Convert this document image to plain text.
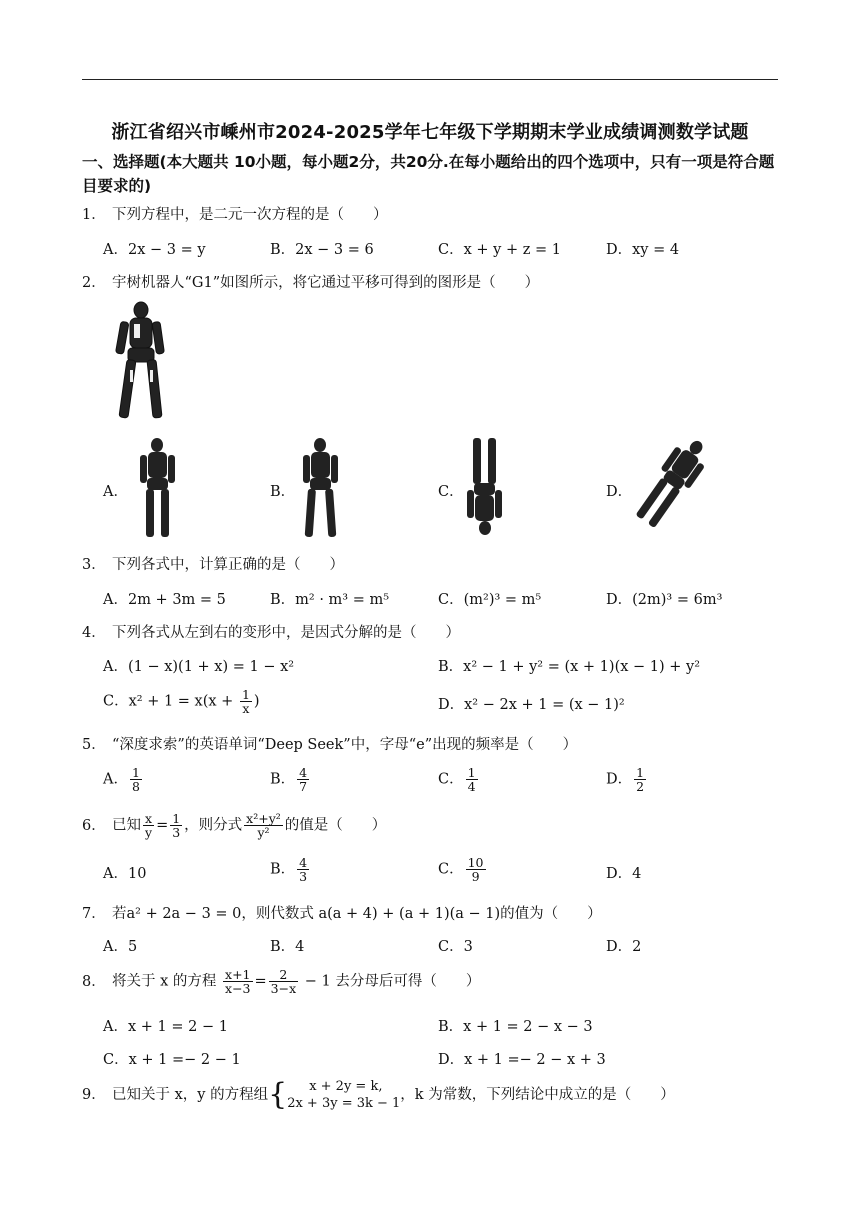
浙江省绍兴市嵊州市2024-2025学年七年级下学期期末学业成绩调测数学试题
一、选择题(本大题共 10小题，每小题2分，共20分.在每小题给出的四个选项中，只有一项是符合题目要求的)
1． 下列方程中，是二元一次方程的是（　　）
A．2x − 3 = y	B．2x − 3 = 6	C．x + y + z = 1	D．xy = 4
2． 宇树机器人“G1”如图所示，将它通过平移可得到的图形是（　　）
A．	B．	C．	D．
3． 下列各式中，计算正确的是（　　）
A．2m + 3m = 5	B．m² · m³ = m⁵	C．(m²)³ = m⁵	D．(2m)³ = 6m³
4． 下列各式从左到右的变形中，是因式分解的是（　　）
A．(1 − x)(1 + x) = 1 − x²	B．x² − 1 + y² = (x + 1)(x − 1) + y²
C．$x^2 + 1 = x(x + \frac{1}{x}$ )	D．x² − 2x + 1 = (x − 1)²
5． “深度求索”的英语单词“Deep Seek”中，字母“e”出现的频率是（　　）
A． $\frac{1}{8}$	B． $\frac{4}{7}$	C． $\frac{1}{4}$	D． $\frac{1}{2}$
6． 已知 $\frac{x}{y} = \frac{1}{3}$ ，则分式 $\frac{\text{x²+y²}}{\text{y²}}$ 的值是（　　）
A．10	B． $\frac{4}{3}$	C． $\frac{10}{9}$	D．4
7． 若a² + 2a − 3 = 0，则代数式 a(a + 4) + (a + 1)(a − 1)的值为（　　）
A．5	B．4	C．3	D．2
8． 将关于 x 的方程 $\frac{x+1}{x-3} = \frac{2}{3-x} - 1$ 去分母后可得（　　）
A．x + 1 = 2 − 1	B．x + 1 = 2 − x − 3
C．x + 1 =− 2 − 1	D．x + 1 =− 2 − x + 3
9． 已知关于 x，y 的方程组{	x + 2y = k,
2x + 3y = 3k − 1
，k 为常数，下列结论中成立的是（　　）
